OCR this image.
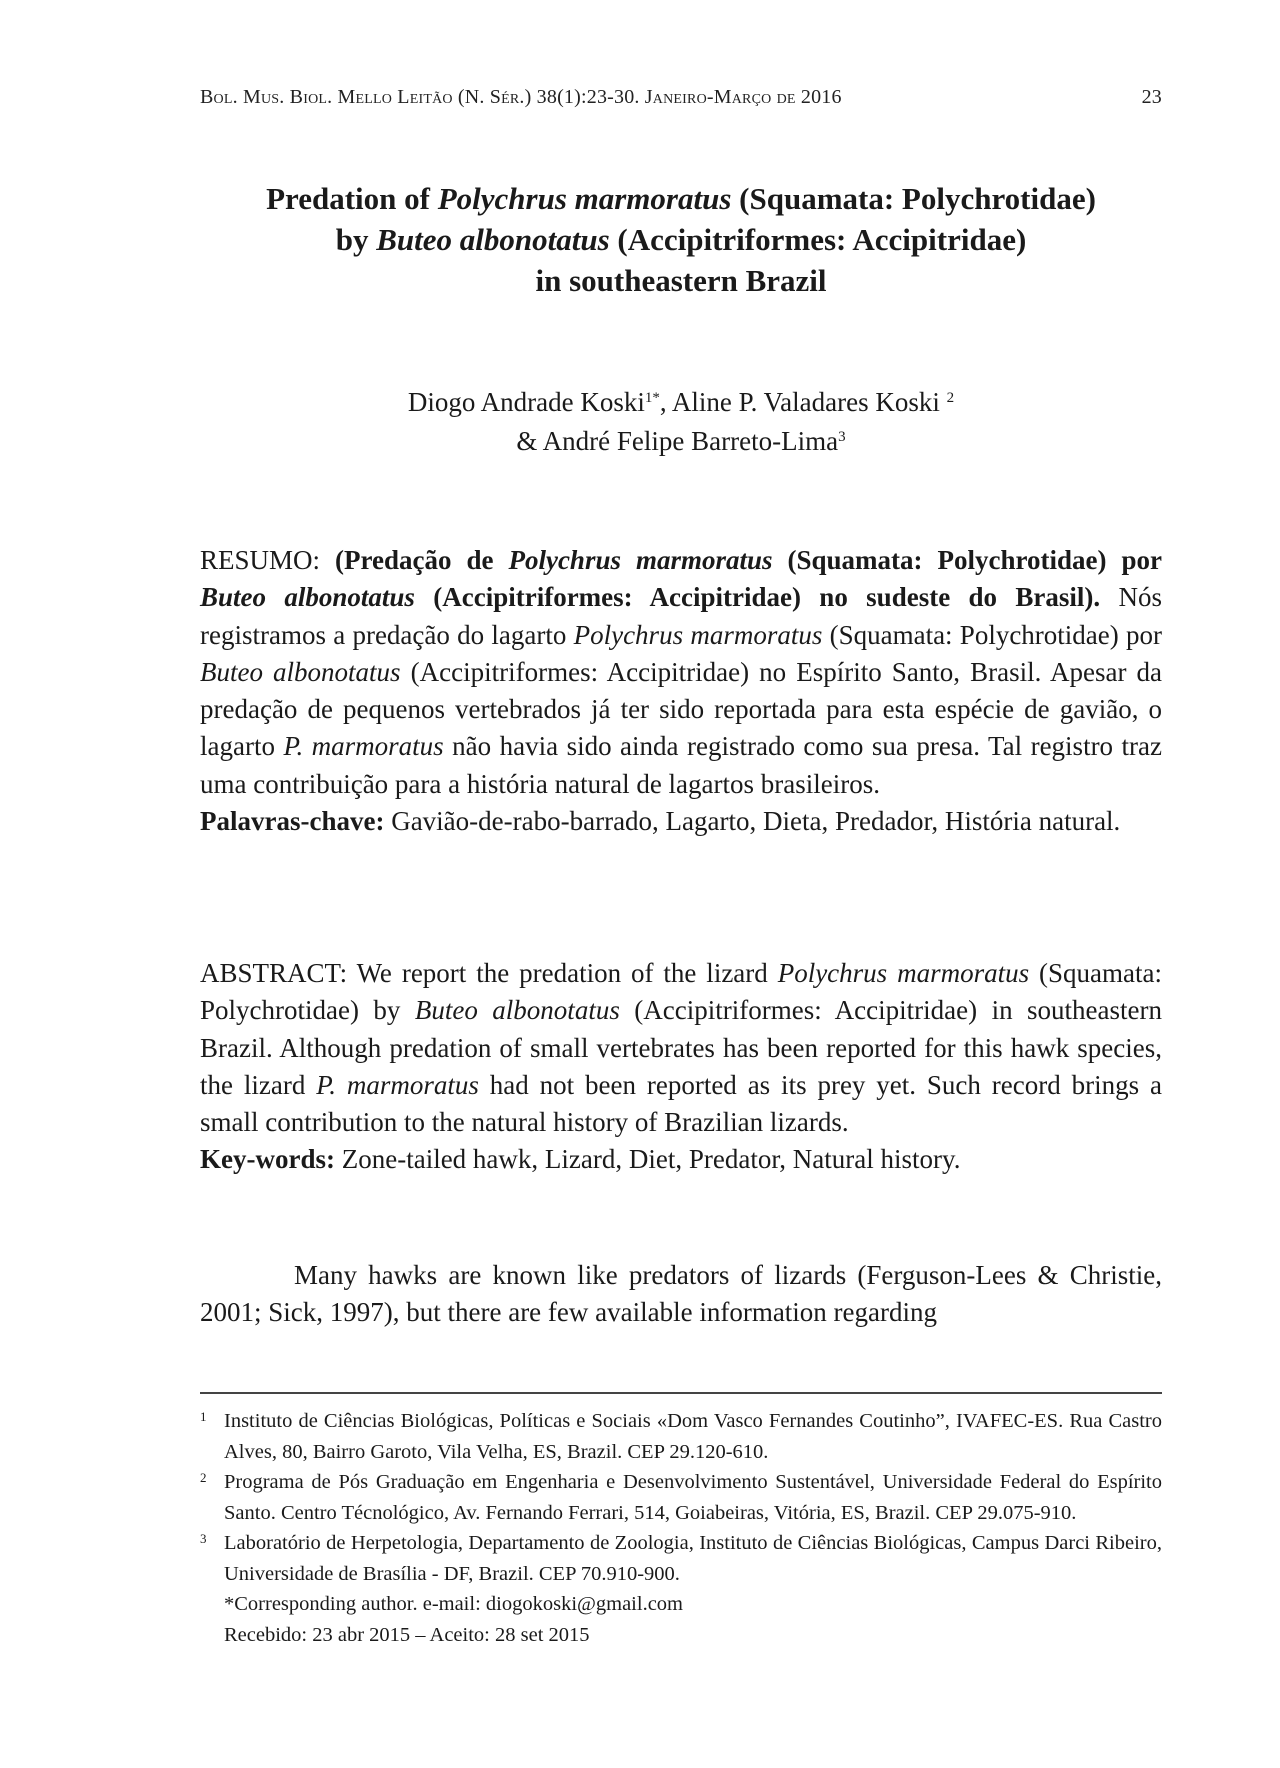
Bol. Mus. Biol. Mello Leitão (N. Sér.) 38(1):23-30. Janeiro-Março de 2016	23
Predation of Polychrus marmoratus (Squamata: Polychrotidae)
by Buteo albonotatus (Accipitriformes: Accipitridae)
in southeastern Brazil
Diogo Andrade Koski$^{1*}$, Aline P. Valadares Koski $^2$
& André Felipe Barreto-Lima$^3$

RESUMO: (Predação de Polychrus marmoratus (Squamata: Polychrotidae) por Buteo albonotatus (Accipitriformes: Accipitridae) no sudeste do Brasil). Nós registramos a predação do lagarto Polychrus marmoratus (Squamata: Polychrotidae) por Buteo albonotatus (Accipitriformes: Accipitridae) no Espírito Santo, Brasil. Apesar da predação de pequenos vertebrados já ter sido reportada para esta espécie de gavião, o lagarto P. marmoratus não havia sido ainda registrado como sua presa. Tal registro traz uma contribuição para a história natural de lagartos brasileiros.

Palavras-chave: Gavião-de-rabo-barrado, Lagarto, Dieta, Predador, História natural.

ABSTRACT: We report the predation of the lizard Polychrus marmoratus (Squamata: Polychrotidae) by Buteo albonotatus (Accipitriformes: Accipitridae) in southeastern Brazil. Although predation of small vertebrates has been reported for this hawk species, the lizard P. marmoratus had not been reported as its prey yet. Such record brings a small contribution to the natural history of Brazilian lizards.

Key-words: Zone-tailed hawk, Lizard, Diet, Predator, Natural history.

Many hawks are known like predators of lizards (Ferguson-Lees & Christie, 2001; Sick, 1997), but there are few available information regarding

1 Instituto de Ciências Biológicas, Políticas e Sociais «Dom Vasco Fernandes Coutinho”, IVAFEC-ES. Rua Castro Alves, 80, Bairro Garoto, Vila Velha, ES, Brazil. CEP 29.120-610.
2 Programa de Pós Graduação em Engenharia e Desenvolvimento Sustentável, Universidade Federal do Espírito Santo. Centro Técnológico, Av. Fernando Ferrari, 514, Goiabeiras, Vitória, ES, Brazil. CEP 29.075-910.
3 Laboratório de Herpetologia, Departamento de Zoologia, Instituto de Ciências Biológicas, Campus Darci Ribeiro, Universidade de Brasília - DF, Brazil. CEP 70.910-900.
*Corresponding author. e-mail: diogokoski@gmail.com
Recebido: 23 abr 2015 – Aceito: 28 set 2015
